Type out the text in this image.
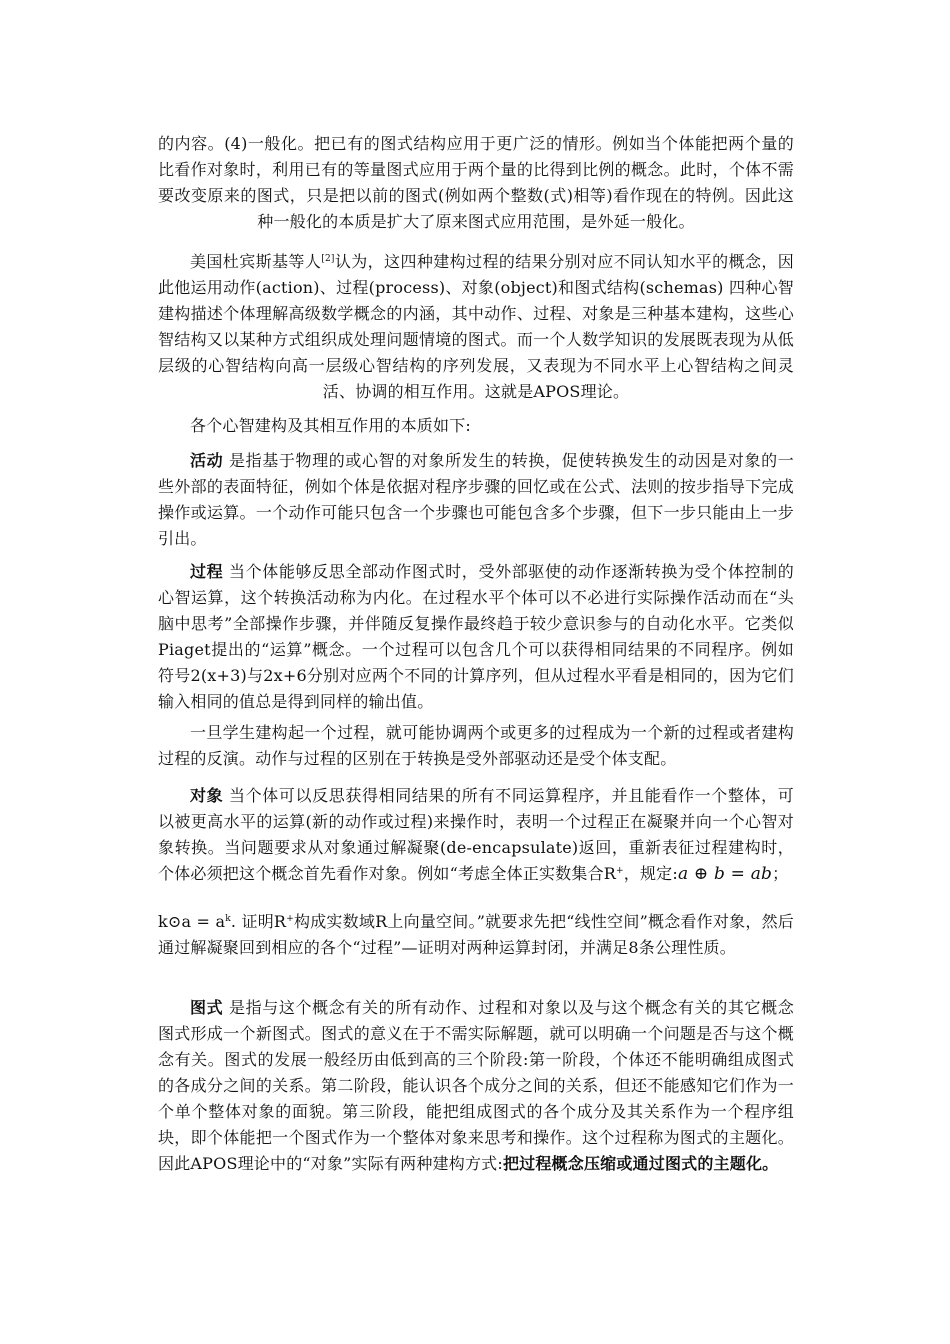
的内容。(4)一般化。把已有的图式结构应用于更广泛的情形。例如当个体能把两个量的比看作对象时，利用已有的等量图式应用于两个量的比得到比例的概念。此时，个体不需要改变原来的图式，只是把以前的图式(例如两个整数(式)相等)看作现在的特例。因此这种一般化的本质是扩大了原来图式应用范围，是外延一般化。

美国杜宾斯基等人[2]认为，这四种建构过程的结果分别对应不同认知水平的概念，因此他运用动作(action)、过程(process)、对象(object)和图式结构(schemas) 四种心智建构描述个体理解高级数学概念的内涵，其中动作、过程、对象是三种基本建构，这些心智结构又以某种方式组织成处理问题情境的图式。而一个人数学知识的发展既表现为从低层级的心智结构向高一层级心智结构的序列发展，又表现为不同水平上心智结构之间灵活、协调的相互作用。这就是APOS理论。

各个心智建构及其相互作用的本质如下:

活动 是指基于物理的或心智的对象所发生的转换，促使转换发生的动因是对象的一些外部的表面特征，例如个体是依据对程序步骤的回忆或在公式、法则的按步指导下完成操作或运算。一个动作可能只包含一个步骤也可能包含多个步骤，但下一步只能由上一步引出。

过程 当个体能够反思全部动作图式时，受外部驱使的动作逐渐转换为受个体控制的心智运算，这个转换活动称为内化。在过程水平个体可以不必进行实际操作活动而在“头脑中思考”全部操作步骤，并伴随反复操作最终趋于较少意识参与的自动化水平。它类似Piaget提出的“运算”概念。一个过程可以包含几个可以获得相同结果的不同程序。例如符号2(x+3)与2x+6分别对应两个不同的计算序列，但从过程水平看是相同的，因为它们输入相同的值总是得到同样的输出值。

一旦学生建构起一个过程，就可能协调两个或更多的过程成为一个新的过程或者建构过程的反演。动作与过程的区别在于转换是受外部驱动还是受个体支配。

对象 当个体可以反思获得相同结果的所有不同运算程序，并且能看作一个整体，可以被更高水平的运算(新的动作或过程)来操作时，表明一个过程正在凝聚并向一个心智对象转换。当问题要求从对象通过解凝聚(de-encapsulate)返回，重新表征过程建构时，个体必须把这个概念首先看作对象。例如“考虑全体正实数集合R+，规定:a ⊕ b = ab；

k⊙a = $a^k$. 证明R+构成实数域R上向量空间。”就要求先把“线性空间”概念看作对象，然后通过解凝聚回到相应的各个“过程”—证明对两种运算封闭，并满足8条公理性质。

图式 是指与这个概念有关的所有动作、过程和对象以及与这个概念有关的其它概念图式形成一个新图式。图式的意义在于不需实际解题，就可以明确一个问题是否与这个概念有关。图式的发展一般经历由低到高的三个阶段:第一阶段，个体还不能明确组成图式的各成分之间的关系。第二阶段，能认识各个成分之间的关系，但还不能感知它们作为一个单个整体对象的面貌。第三阶段，能把组成图式的各个成分及其关系作为一个程序组块，即个体能把一个图式作为一个整体对象来思考和操作。这个过程称为图式的主题化。因此APOS理论中的“对象”实际有两种建构方式:把过程概念压缩或通过图式的主题化。
